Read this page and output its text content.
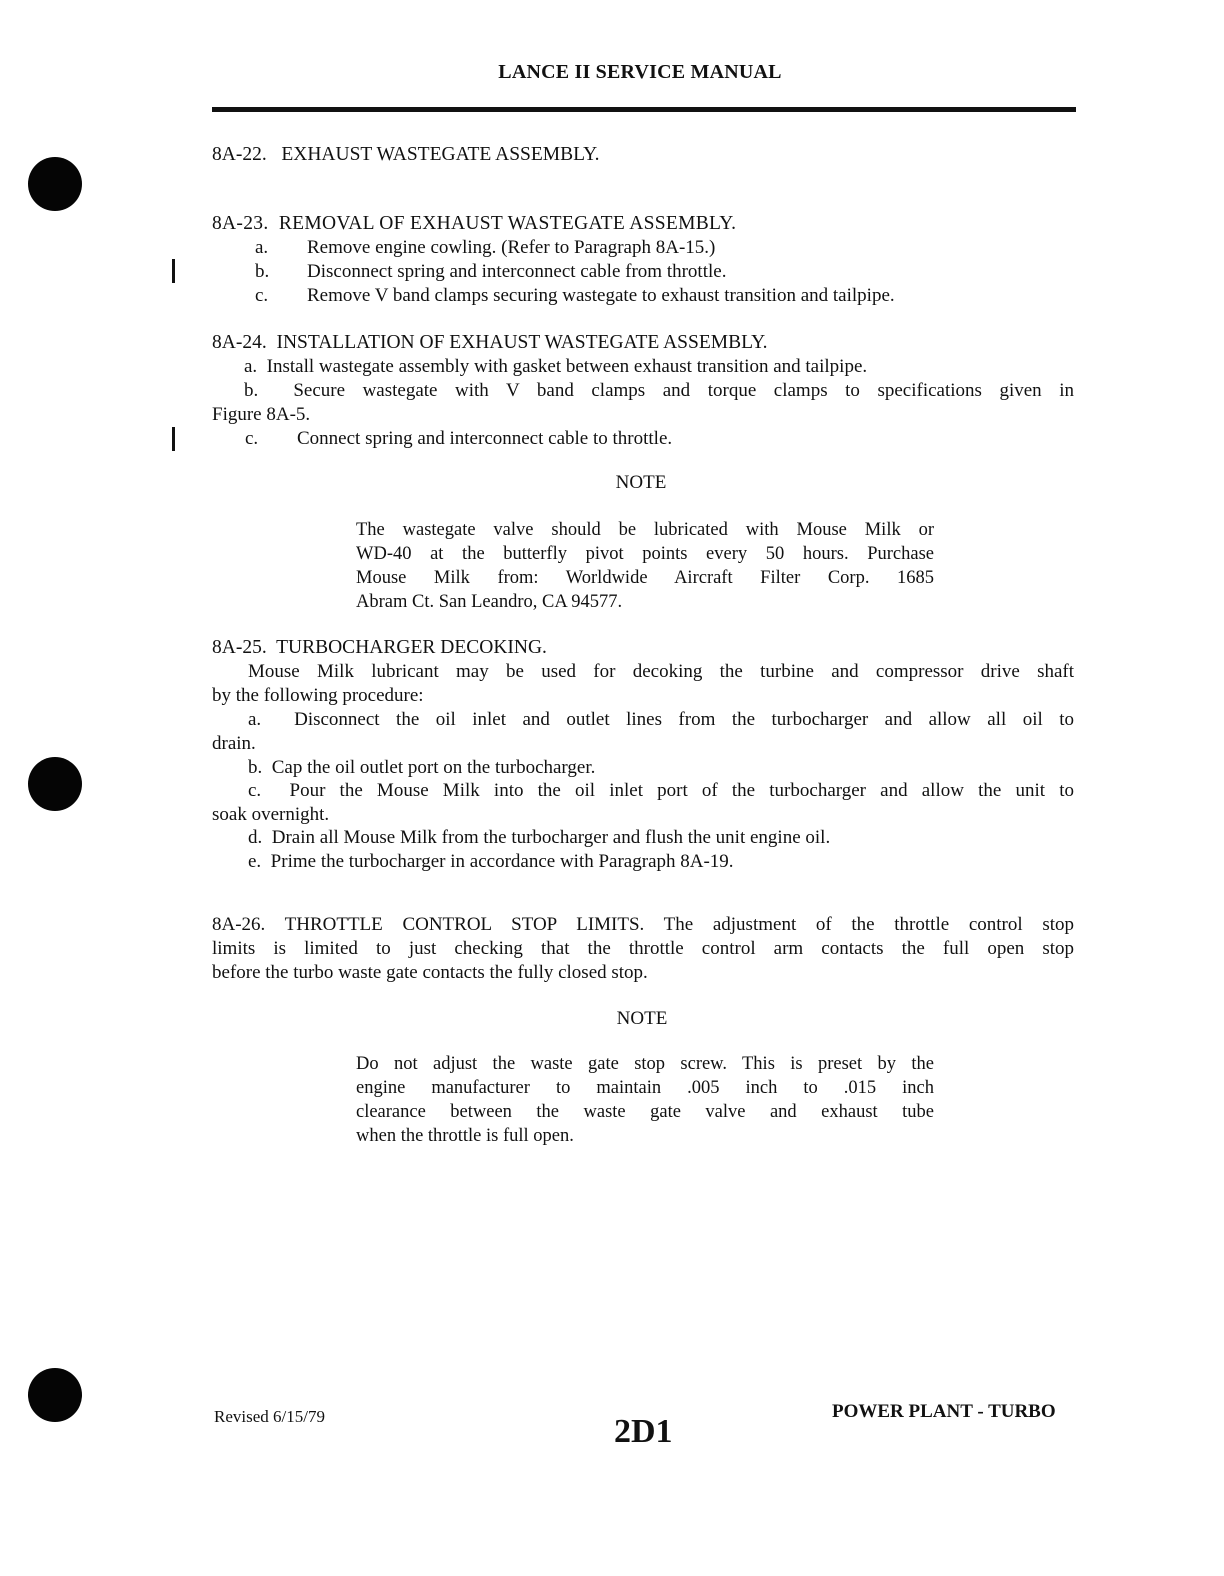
LANCE II SERVICE MANUAL
8A-22.   EXHAUST WASTEGATE ASSEMBLY.
8A-23.  REMOVAL OF EXHAUST WASTEGATE ASSEMBLY.
a. Remove engine cowling. (Refer to Paragraph 8A-15.)
b. Disconnect spring and interconnect cable from throttle.
c. Remove V band clamps securing wastegate to exhaust transition and tailpipe.
8A-24.  INSTALLATION OF EXHAUST WASTEGATE ASSEMBLY.
a.  Install wastegate assembly with gasket between exhaust transition and tailpipe.
b.  Secure wastegate with V band clamps and torque clamps to specifications given in
Figure 8A-5.
c. Connect spring and interconnect cable to throttle.
NOTE
The wastegate valve should be lubricated with Mouse Milk or
WD-40 at the butterfly pivot points every 50 hours. Purchase
Mouse Milk from: Worldwide Aircraft Filter Corp. 1685
Abram Ct. San Leandro, CA 94577.
8A-25.  TURBOCHARGER DECOKING.
Mouse Milk lubricant may be used for decoking the turbine and compressor drive shaft
by the following procedure:
a.  Disconnect the oil inlet and outlet lines from the turbocharger and allow all oil to
drain.
b.  Cap the oil outlet port on the turbocharger.
c.  Pour the Mouse Milk into the oil inlet port of the turbocharger and allow the unit to
soak overnight.
d.  Drain all Mouse Milk from the turbocharger and flush the unit engine oil.
e.  Prime the turbocharger in accordance with Paragraph 8A-19.
8A-26. THROTTLE CONTROL STOP LIMITS. The adjustment of the throttle control stop
limits is limited to just checking that the throttle control arm contacts the full open stop
before the turbo waste gate contacts the fully closed stop.
NOTE
Do not adjust the waste gate stop screw. This is preset by the
engine manufacturer to maintain .005 inch to .015 inch
clearance between the waste gate valve and exhaust tube
when the throttle is full open.
Revised 6/15/79	2D1
POWER PLANT - TURBO
